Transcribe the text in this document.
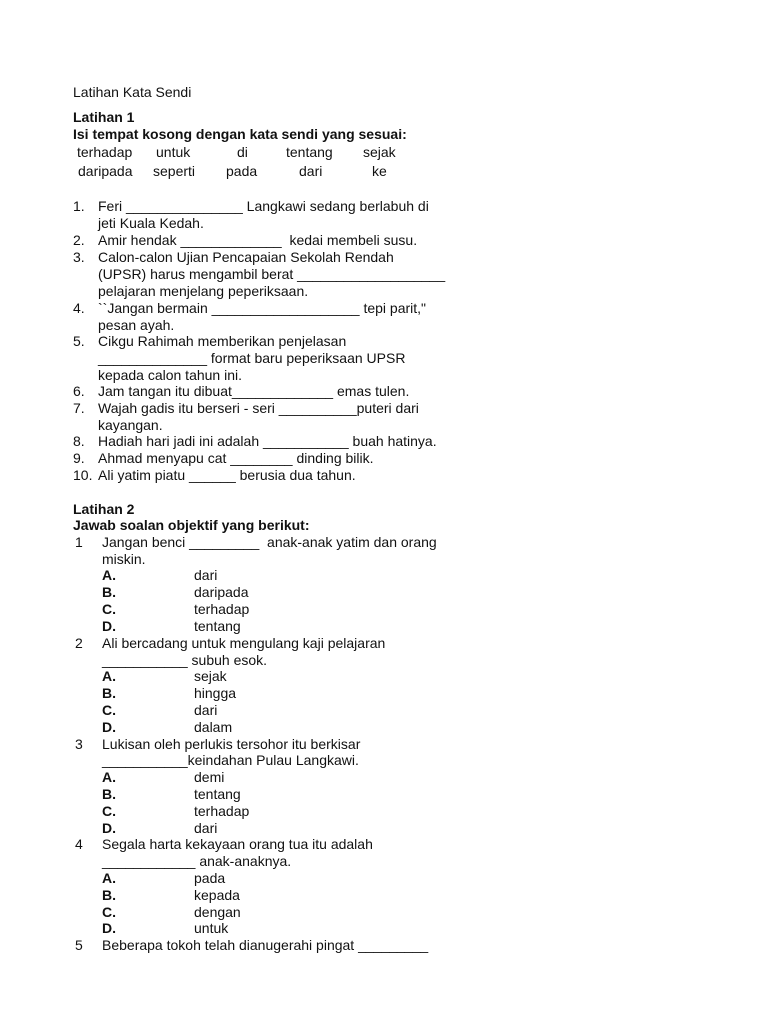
Latihan Kata Sendi
Latihan 1
Isi tempat kosong dengan kata sendi yang sesuai:
terhadap untuk	di	tentang sejak
daripada seperti pada	dari	ke
1. Feri _______________ Langkawi sedang berlabuh di
jeti Kuala Kedah.
2. Amir hendak _____________  kedai membeli susu.
3. Calon-calon Ujian Pencapaian Sekolah Rendah
(UPSR) harus mengambil berat ___________________
pelajaran menjelang peperiksaan.
4. ``Jangan bermain ___________________ tepi parit,"
pesan ayah.
5. Cikgu Rahimah memberikan penjelasan
______________ format baru peperiksaan UPSR
kepada calon tahun ini.
6. Jam tangan itu dibuat_____________ emas tulen.
7. Wajah gadis itu berseri - seri __________puteri dari
kayangan.
8. Hadiah hari jadi ini adalah ___________ buah hatinya.
9. Ahmad menyapu cat ________ dinding bilik.
10. Ali yatim piatu ______ berusia dua tahun.
Latihan 2
Jawab soalan objektif yang berikut:
1 Jangan benci _________  anak-anak yatim dan orang
miskin.
A.	dari
B.	daripada
C.	terhadap
D.	tentang
2 Ali bercadang untuk mengulang kaji pelajaran
___________ subuh esok.
A.	sejak
B.	hingga
C.	dari
D.	dalam
3 Lukisan oleh perlukis tersohor itu berkisar
___________keindahan Pulau Langkawi.
A.	demi
B.	tentang
C.	terhadap
D.	dari
4 Segala harta kekayaan orang tua itu adalah
____________ anak-anaknya.
A.	pada
B.	kepada
C.	dengan
D.	untuk
5 Beberapa tokoh telah dianugerahi pingat _________
